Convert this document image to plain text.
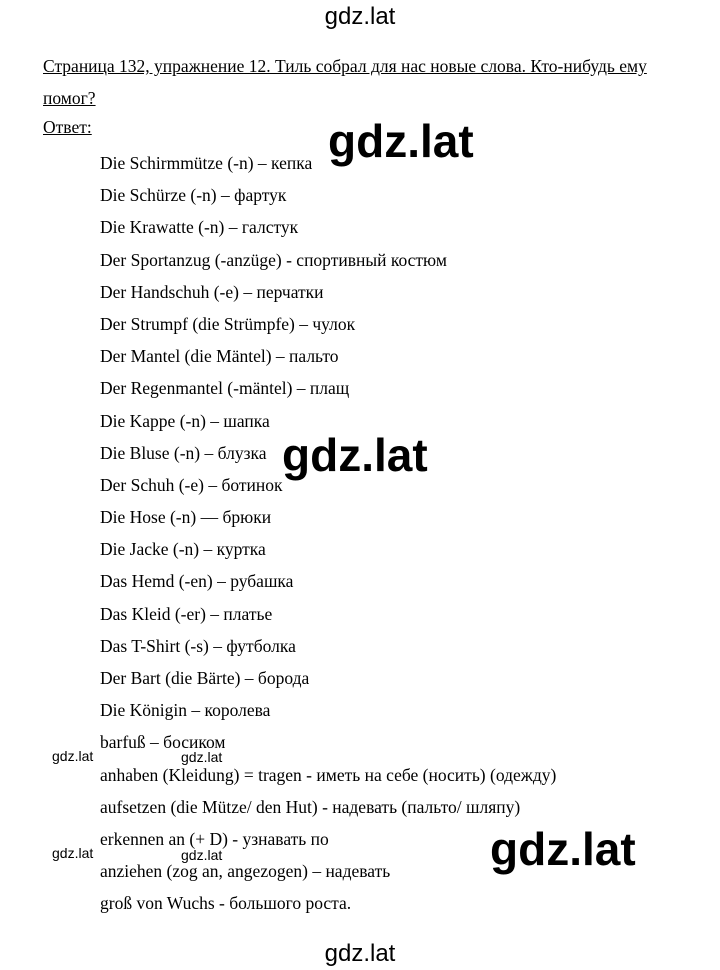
gdz.lat
Страница 132, упражнение 12. Тиль собрал для нас новые слова. Кто-нибудь ему помог?
Ответ:
Die Schirmmütze (-n) – кепка
Die Schürze (-n) – фартук
Die Krawatte (-n) – галстук
Der Sportanzug (-anzüge) - спортивный костюм
Der Handschuh (-e) – перчатки
Der Strumpf (die Strümpfe) – чулок
Der Mantel (die Mäntel) – пальто
Der Regenmantel (-mäntel) – плащ
Die Kappe (-n) – шапка
Die Bluse (-n) – блузка
Der Schuh (-e) – ботинок
Die Hose (-n) — брюки
Die Jacke (-n) – куртка
Das Hemd (-en) – рубашка
Das Kleid (-er) – платье
Das T-Shirt (-s) – футболка
Der Bart (die Bärte) – борода
Die Königin – королева
barfuß – босиком
anhaben (Kleidung) = tragen - иметь на себе (носить) (одежду)
aufsetzen (die Mütze/ den Hut) - надевать (пальто/ шляпу)
erkennen an (+ D) - узнавать по
anziehen (zog an, angezogen) – надевать
groß von Wuchs - большого роста.
gdz.lat
gdz.lat
gdz.lat
gdz.lat	gdz.lat
gdz.lat	gdz.lat
gdz.lat
